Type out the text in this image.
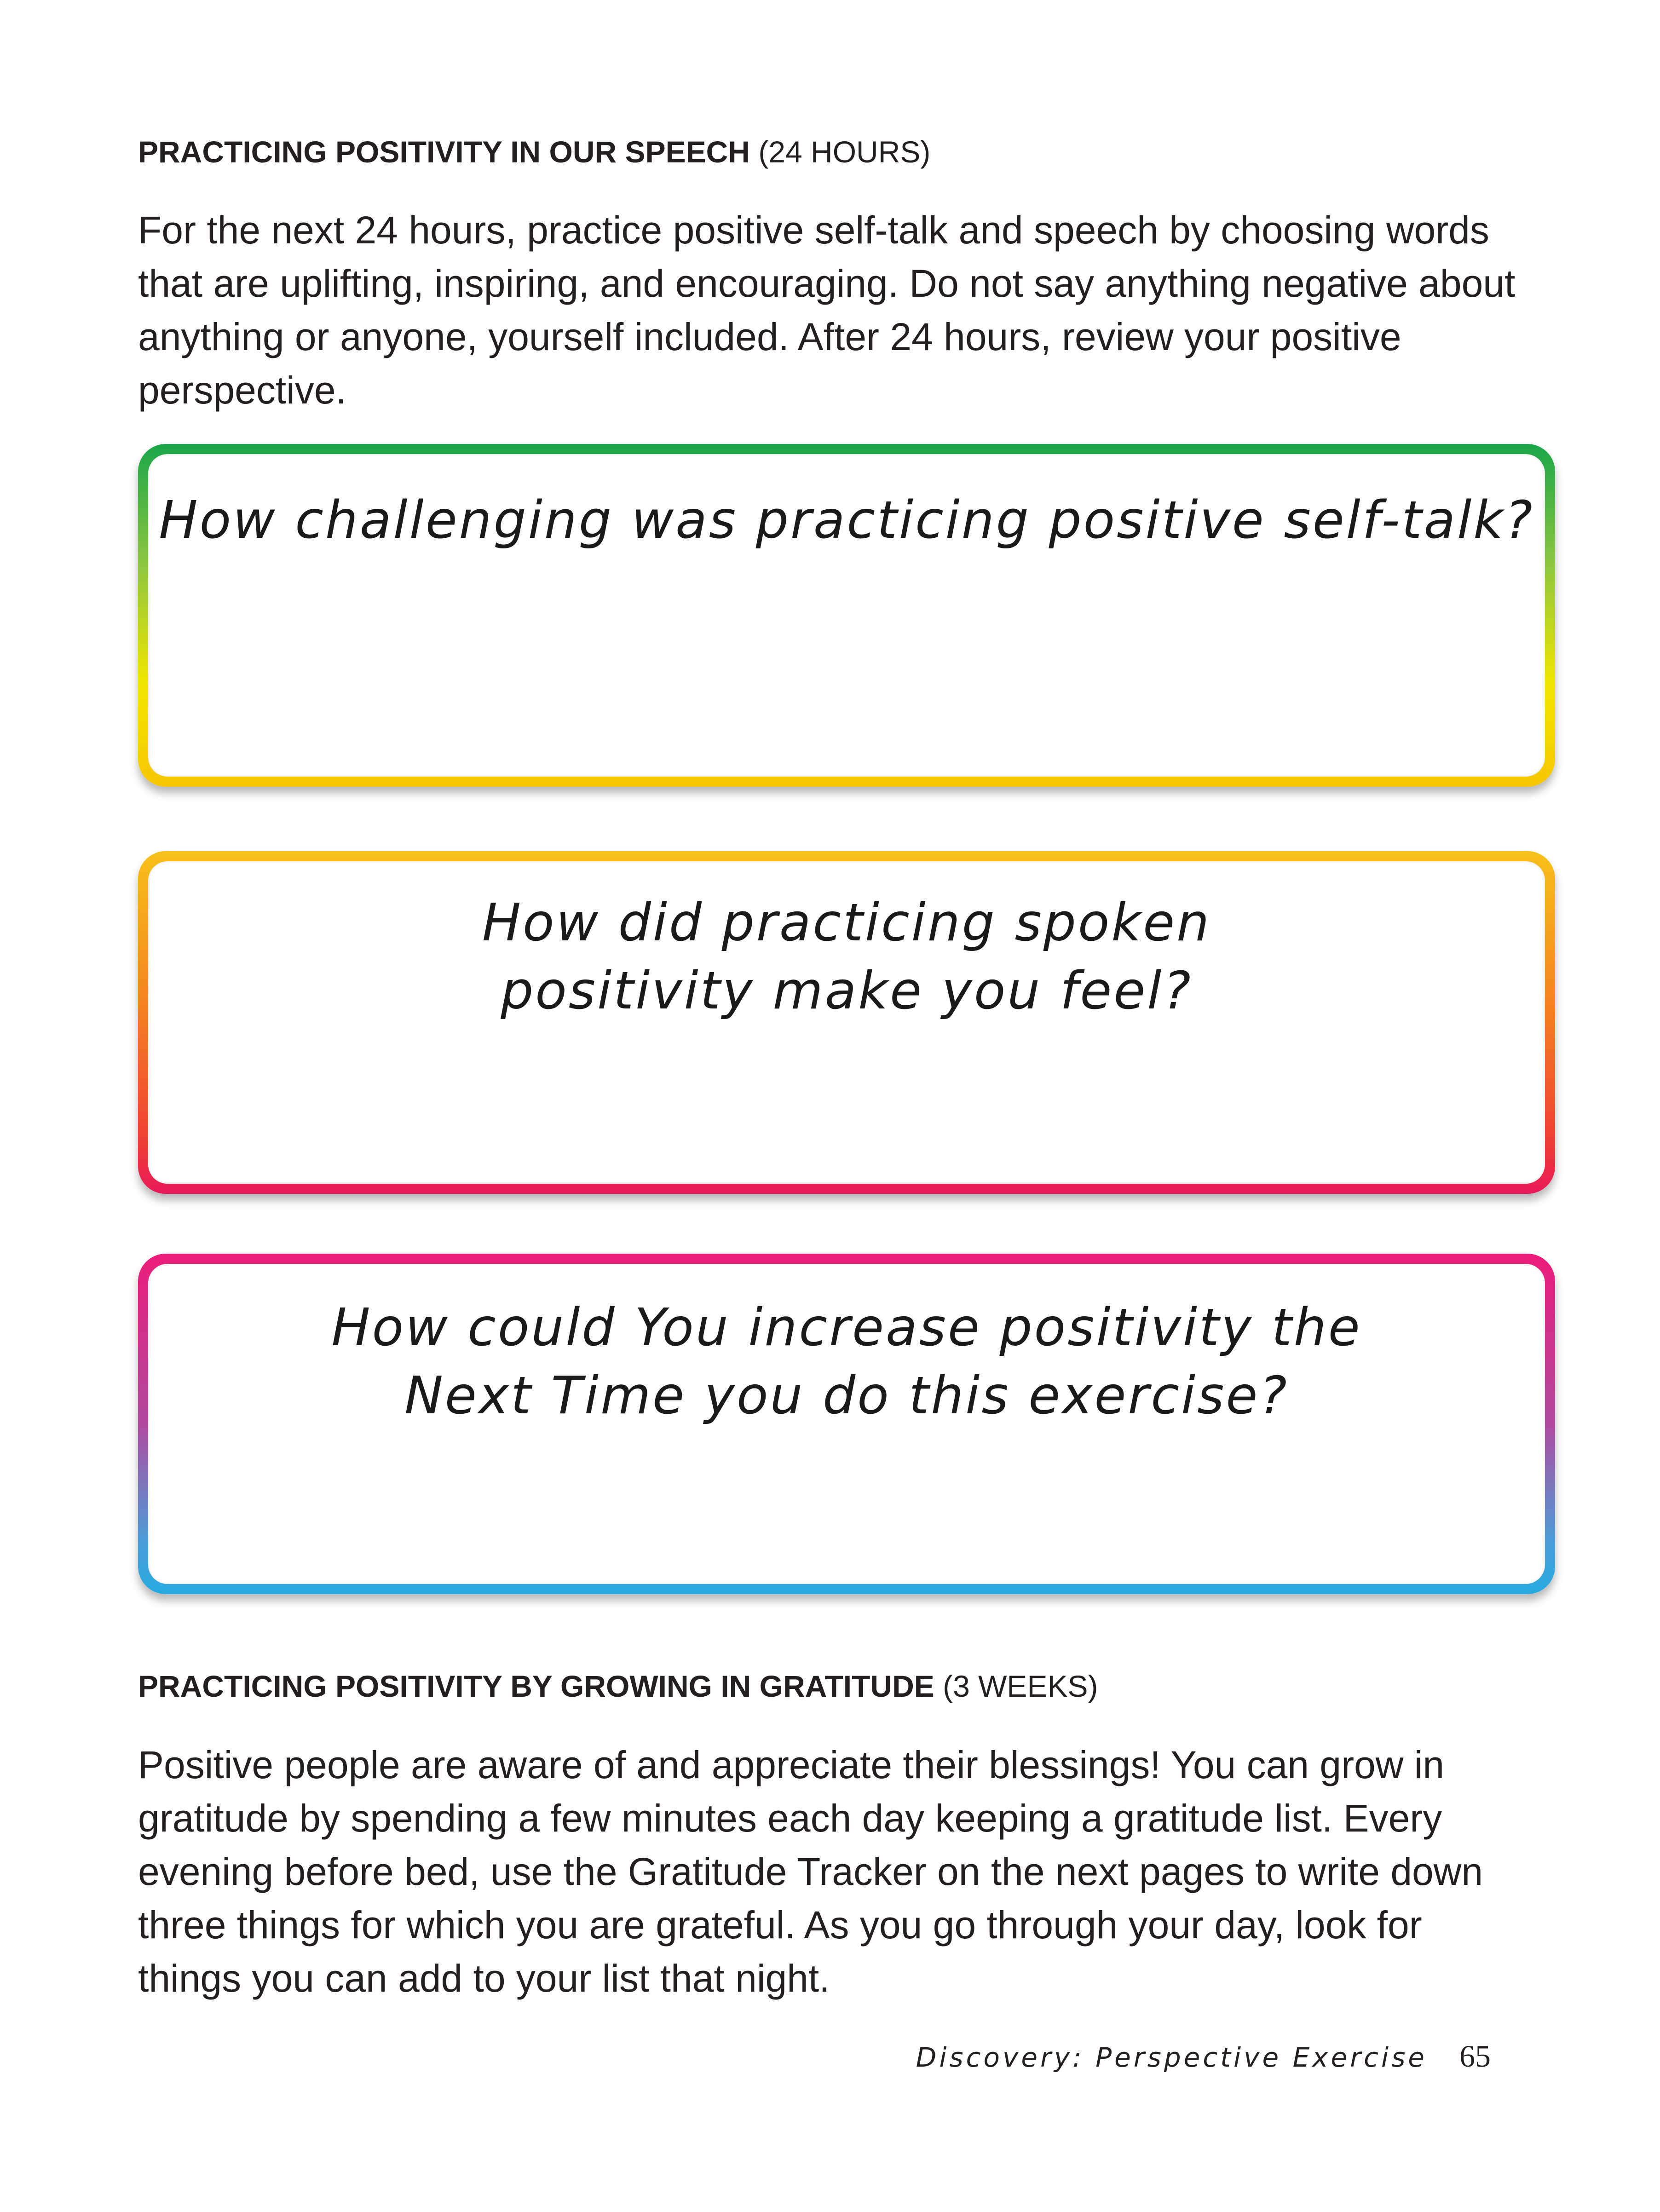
PRACTICING POSITIVITY IN OUR SPEECH (24 HOURS)

For the next 24 hours, practice positive self-talk and speech by choosing words that are uplifting, inspiring, and encouraging. Do not say anything negative about anything or anyone, yourself included. After 24 hours, review your positive perspective.

How challenging was practicing positive self-talk?
How did practicing spoken
positivity make you feel?
How could You increase positivity the
Next Time you do this exercise?
PRACTICING POSITIVITY BY GROWING IN GRATITUDE (3 WEEKS)

Positive people are aware of and appreciate their blessings! You can grow in gratitude by spending a few minutes each day keeping a gratitude list. Every evening before bed, use the Gratitude Tracker on the next pages to write down three things for which you are grateful. As you go through your day, look for things you can add to your list that night.

Discovery: Perspective Exercise 65
